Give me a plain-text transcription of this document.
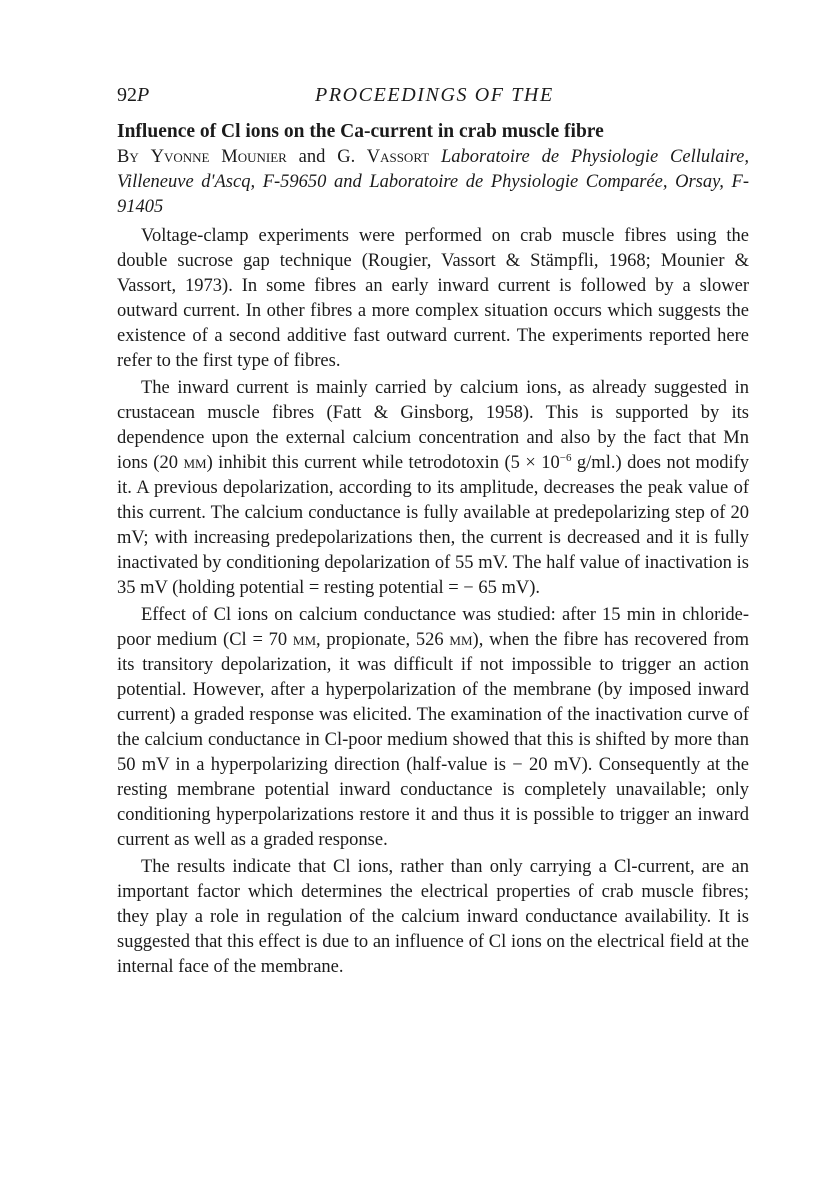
92P	PROCEEDINGS OF THE
Influence of Cl ions on the Ca-current in crab muscle fibre

By Yvonne Mounier and G. Vassort Laboratoire de Physiologie Cellulaire, Villeneuve d'Ascq, F-59650 and Laboratoire de Physiologie Comparée, Orsay, F-91405

Voltage-clamp experiments were performed on crab muscle fibres using the double sucrose gap technique (Rougier, Vassort & Stämpfli, 1968; Mounier & Vassort, 1973). In some fibres an early inward current is followed by a slower outward current. In other fibres a more complex situation occurs which suggests the existence of a second additive fast outward current. The experiments reported here refer to the first type of fibres.

The inward current is mainly carried by calcium ions, as already suggested in crustacean muscle fibres (Fatt & Ginsborg, 1958). This is supported by its dependence upon the external calcium concentration and also by the fact that Mn ions (20 mm) inhibit this current while tetrodotoxin ($5 \times 10^{-6}$ g/ml.) does not modify it. A previous depolarization, according to its amplitude, decreases the peak value of this current. The calcium conductance is fully available at predepolarizing step of 20 mV; with increasing predepolarizations then, the current is decreased and it is fully inactivated by conditioning depolarization of 55 mV. The half value of inactivation is 35 mV (holding potential = resting potential = − 65 mV).

Effect of Cl ions on calcium conductance was studied: after 15 min in chloride-poor medium (Cl = 70 mm, propionate, 526 mm), when the fibre has recovered from its transitory depolarization, it was difficult if not impossible to trigger an action potential. However, after a hyperpolarization of the membrane (by imposed inward current) a graded response was elicited. The examination of the inactivation curve of the calcium conductance in Cl-poor medium showed that this is shifted by more than 50 mV in a hyperpolarizing direction (half-value is − 20 mV). Consequently at the resting membrane potential inward conductance is completely unavailable; only conditioning hyperpolarizations restore it and thus it is possible to trigger an inward current as well as a graded response.

The results indicate that Cl ions, rather than only carrying a Cl-current, are an important factor which determines the electrical properties of crab muscle fibres; they play a role in regulation of the calcium inward conductance availability. It is suggested that this effect is due to an influence of Cl ions on the electrical field at the internal face of the membrane.
